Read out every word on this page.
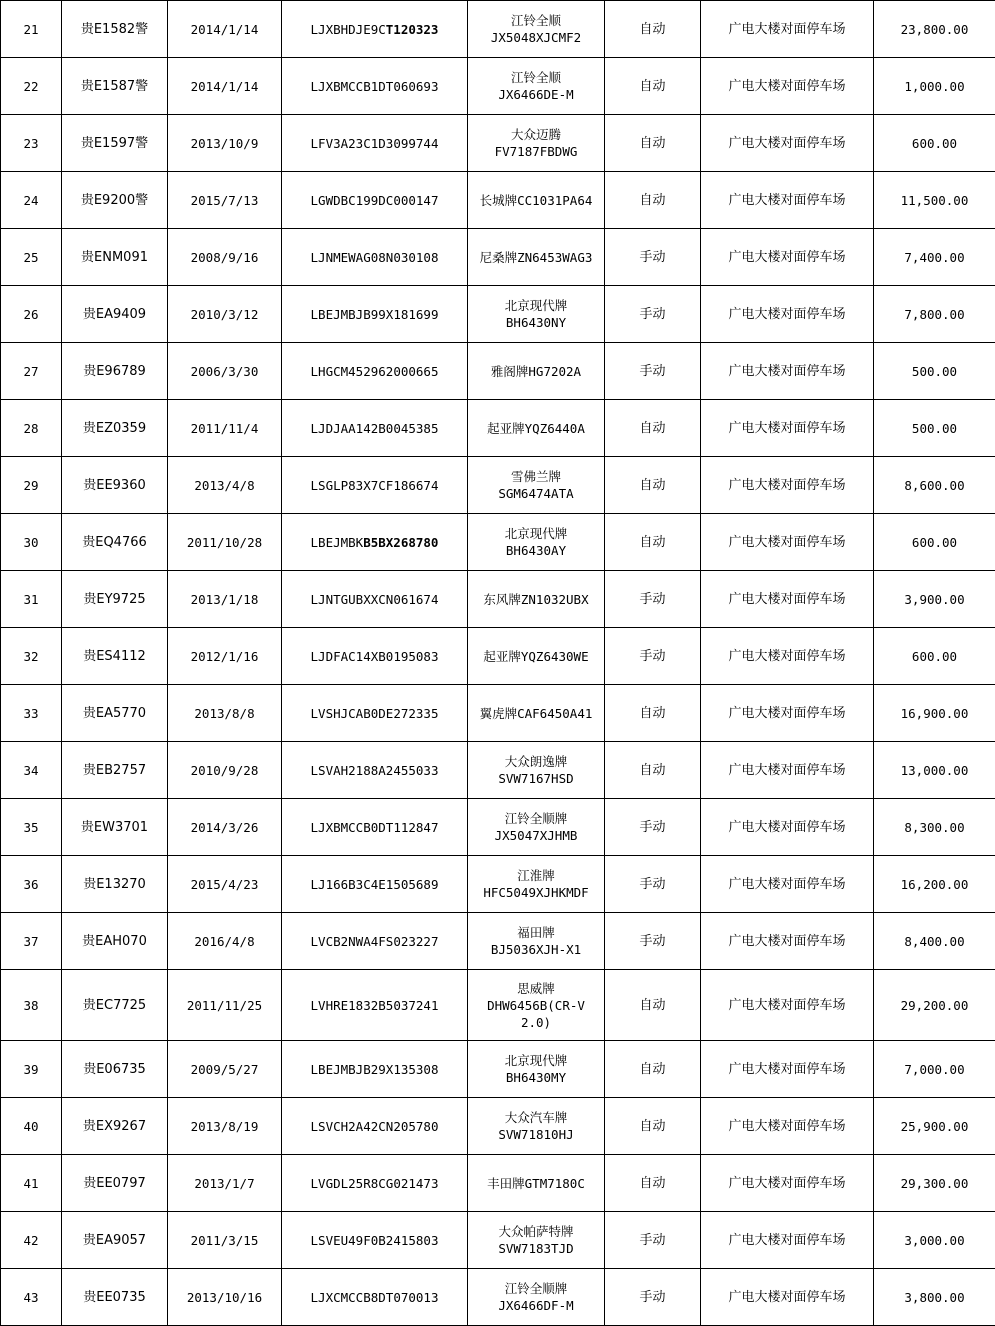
21	贵E1582警	2014/1/14	LJXBHDJE9CT120323	江铃全顺
JX5048XJCMF2	自动	广电大楼对面停车场	23,800.00
22	贵E1587警	2014/1/14	LJXBMCCB1DT060693	江铃全顺
JX6466DE-M	自动	广电大楼对面停车场	1,000.00
23	贵E1597警	2013/10/9	LFV3A23C1D3099744	大众迈腾
FV7187FBDWG	自动	广电大楼对面停车场	600.00
24	贵E9200警	2015/7/13	LGWDBC199DC000147	长城牌CC1031PA64	自动	广电大楼对面停车场	11,500.00
25	贵ENM091	2008/9/16	LJNMEWAG08N030108	尼桑牌ZN6453WAG3	手动	广电大楼对面停车场	7,400.00
26	贵EA9409	2010/3/12	LBEJMBJB99X181699	北京现代牌
BH6430NY	手动	广电大楼对面停车场	7,800.00
27	贵E96789	2006/3/30	LHGCM452962000665	雅阁牌HG7202A	手动	广电大楼对面停车场	500.00
28	贵EZ0359	2011/11/4	LJDJAA142B0045385	起亚牌YQZ6440A	自动	广电大楼对面停车场	500.00
29	贵EE9360	2013/4/8	LSGLP83X7CF186674	雪佛兰牌
SGM6474ATA	自动	广电大楼对面停车场	8,600.00
30	贵EQ4766	2011/10/28	LBEJMBKB5BX268780	北京现代牌
BH6430AY	自动	广电大楼对面停车场	600.00
31	贵EY9725	2013/1/18	LJNTGUBXXCN061674	东风牌ZN1032UBX	手动	广电大楼对面停车场	3,900.00
32	贵ES4112	2012/1/16	LJDFAC14XB0195083	起亚牌YQZ6430WE	手动	广电大楼对面停车场	600.00
33	贵EA5770	2013/8/8	LVSHJCAB0DE272335	翼虎牌CAF6450A41	自动	广电大楼对面停车场	16,900.00
34	贵EB2757	2010/9/28	LSVAH2188A2455033	大众朗逸牌
SVW7167HSD	自动	广电大楼对面停车场	13,000.00
35	贵EW3701	2014/3/26	LJXBMCCB0DT112847	江铃全顺牌
JX5047XJHMB	手动	广电大楼对面停车场	8,300.00
36	贵E13270	2015/4/23	LJ166B3C4E1505689	江淮牌
HFC5049XJHKMDF	手动	广电大楼对面停车场	16,200.00
37	贵EAH070	2016/4/8	LVCB2NWA4FS023227	福田牌
BJ5036XJH-X1	手动	广电大楼对面停车场	8,400.00
38	贵EC7725	2011/11/25	LVHRE1832B5037241	思威牌
DHW6456B(CR-V
2.0)	自动	广电大楼对面停车场	29,200.00
39	贵E06735	2009/5/27	LBEJMBJB29X135308	北京现代牌
BH6430MY	自动	广电大楼对面停车场	7,000.00
40	贵EX9267	2013/8/19	LSVCH2A42CN205780	大众汽车牌
SVW71810HJ	自动	广电大楼对面停车场	25,900.00
41	贵EE0797	2013/1/7	LVGDL25R8CG021473	丰田牌GTM7180C	自动	广电大楼对面停车场	29,300.00
42	贵EA9057	2011/3/15	LSVEU49F0B2415803	大众帕萨特牌
SVW7183TJD	手动	广电大楼对面停车场	3,000.00
43	贵EE0735	2013/10/16	LJXCMCCB8DT070013	江铃全顺牌
JX6466DF-M	手动	广电大楼对面停车场	3,800.00
